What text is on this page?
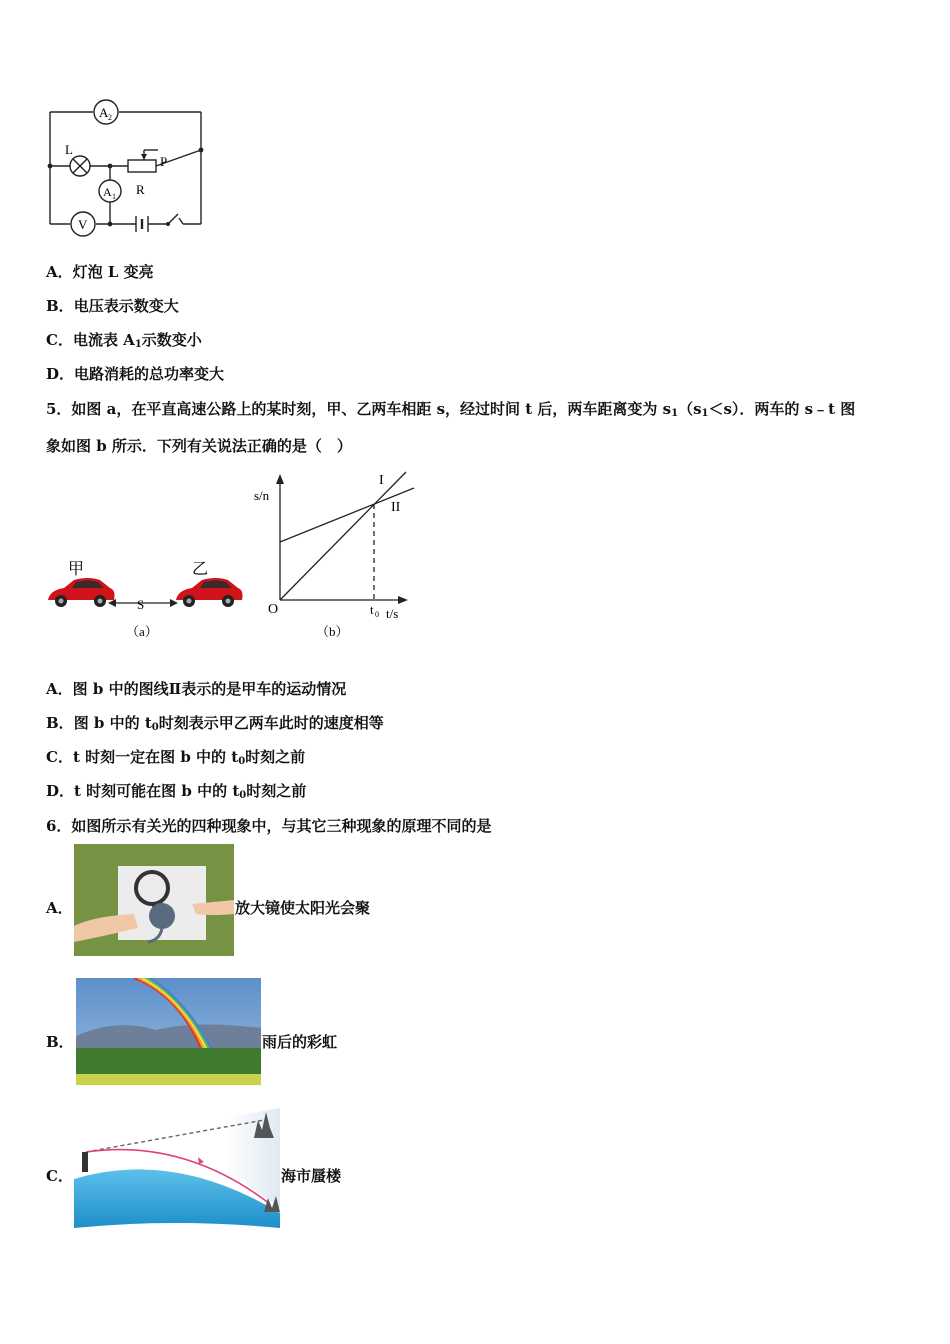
A 2
A 1
V
L
P
R
A．灯泡 L 变亮
B．电压表示数变大
C．电流表 $A_1$示数变小
D．电路消耗的总功率变大
5．如图 a，在平直高速公路上的某时刻，甲、乙两车相距 s，经过时间 t 后，两车距离变为 $s_1(s_1<s)$．两车的 s﹣t 图
象如图 b 所示．下列有关说法正确的是（　）
甲	乙
S
（a）
s/n
t/s
O	t 0
I
II
（b）
A．图 b 中的图线Ⅱ表示的是甲车的运动情况
B．图 b 中的 $t_0$时刻表示甲乙两车此时的速度相等
C．t 时刻一定在图 b 中的 $t_0$时刻之前
D．t 时刻可能在图 b 中的 $t_0$时刻之前
6．如图所示有关光的四种现象中，与其它三种现象的原理不同的是
A．	放大镜使太阳光会聚
B．	雨后的彩虹
C．	海市蜃楼
